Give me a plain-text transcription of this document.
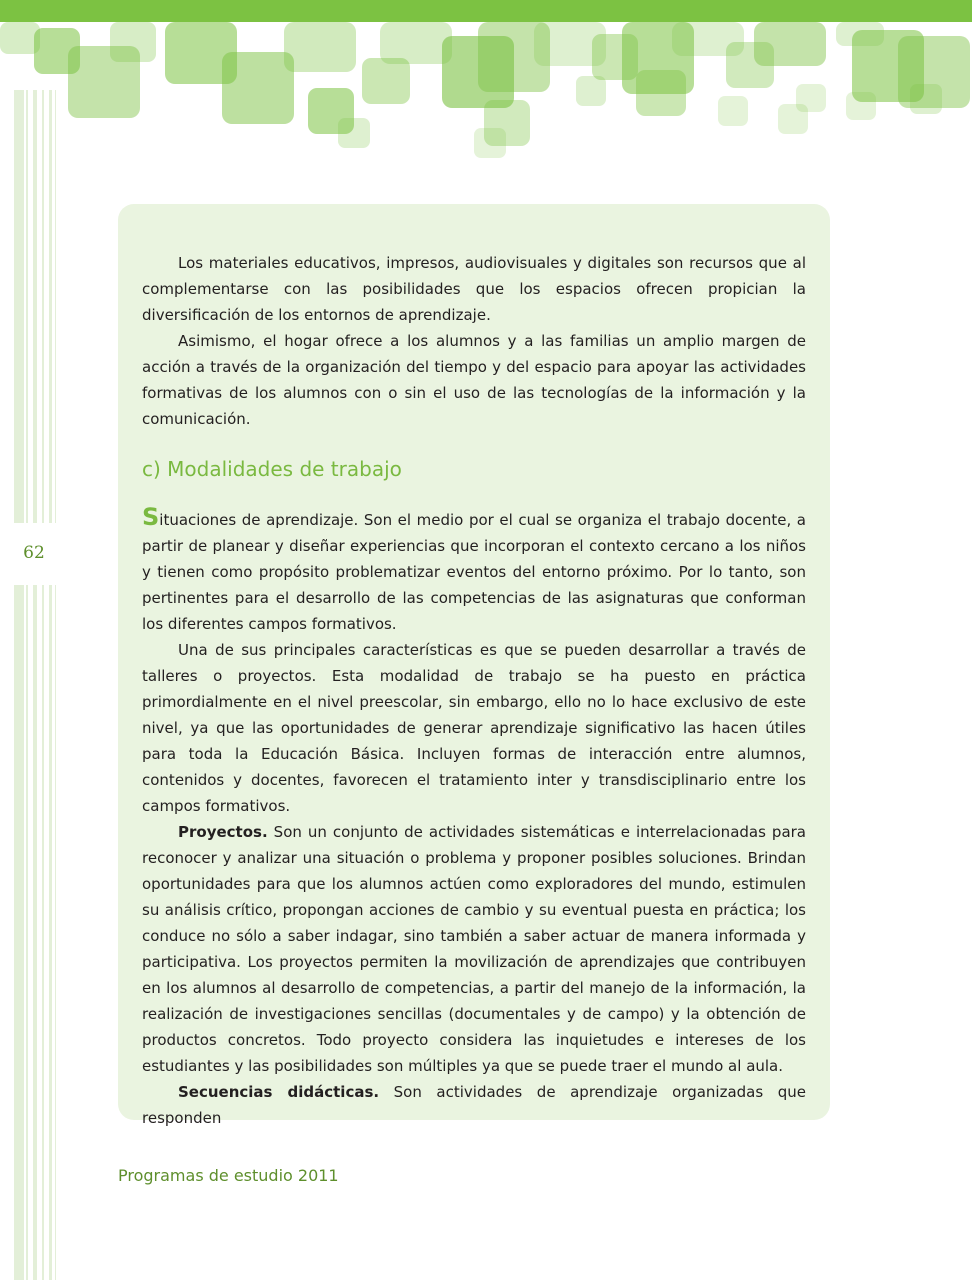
62

Los materiales educativos, impresos, audiovisuales y digitales son recursos que al complementarse con las posibilidades que los espacios ofrecen propician la diversificación de los entornos de aprendizaje.

Asimismo, el hogar ofrece a los alumnos y a las familias un amplio margen de acción a través de la organización del tiempo y del espacio para apoyar las actividades formativas de los alumnos con o sin el uso de las tecnologías de la información y la comunicación.

c) Modalidades de trabajo

Situaciones de aprendizaje. Son el medio por el cual se organiza el trabajo docente, a partir de planear y diseñar experiencias que incorporan el contexto cercano a los niños y tienen como propósito problematizar eventos del entorno próximo. Por lo tanto, son pertinentes para el desarrollo de las competencias de las asignaturas que conforman los diferentes campos formativos.

Una de sus principales características es que se pueden desarrollar a través de talleres o proyectos. Esta modalidad de trabajo se ha puesto en práctica primordialmente en el nivel preescolar, sin embargo, ello no lo hace exclusivo de este nivel, ya que las oportunidades de generar aprendizaje significativo las hacen útiles para toda la Educación Básica. Incluyen formas de interacción entre alumnos, contenidos y docentes, favorecen el tratamiento inter y transdisciplinario entre los campos formativos.

Proyectos. Son un conjunto de actividades sistemáticas e interrelacionadas para reconocer y analizar una situación o problema y proponer posibles soluciones. Brindan oportunidades para que los alumnos actúen como exploradores del mundo, estimulen su análisis crítico, propongan acciones de cambio y su eventual puesta en práctica; los conduce no sólo a saber indagar, sino también a saber actuar de manera informada y participativa. Los proyectos permiten la movilización de aprendizajes que contribuyen en los alumnos al desarrollo de competencias, a partir del manejo de la información, la realización de investigaciones sencillas (documentales y de campo) y la obtención de productos concretos. Todo proyecto considera las inquietudes e intereses de los estudiantes y las posibilidades son múltiples ya que se puede traer el mundo al aula.

Secuencias didácticas. Son actividades de aprendizaje organizadas que responden

Programas de estudio 2011
